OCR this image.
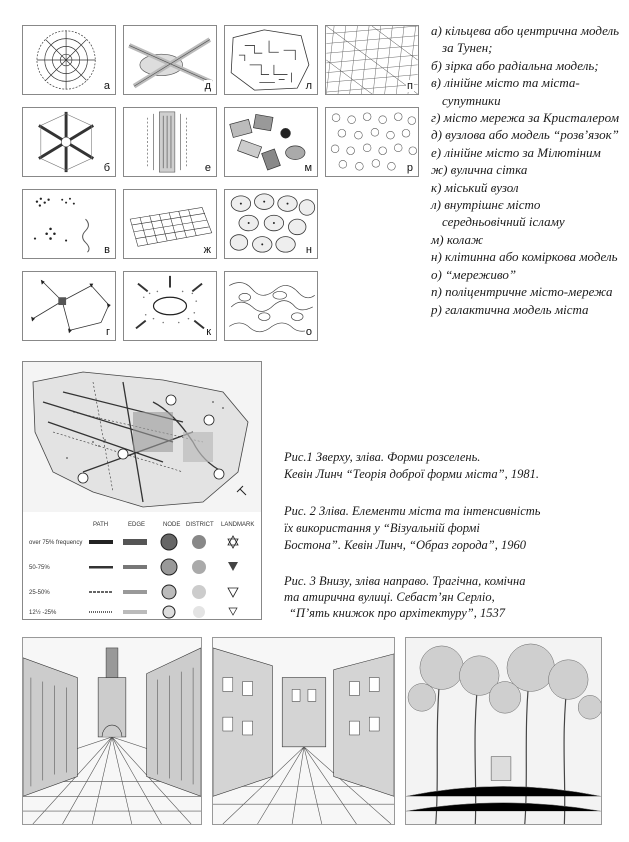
а	д	л	п
б	е	м	р
в	ж	н
г	к	о
а) кільцева або центрична модель за Тунен;
б) зірка або радіальна модель;
в) лінійне місто та міста-супутники
г) місто мережа за Кристалером
д) вузлова або модель “розв’язок”
е) лінійне місто за Мілютіним
ж) вулична сітка
к) міський вузол
л) внутрішнє місто середньовічний ісламу
м) колаж
н) клітинна або коміркова модель
о) “мереживо”
п) поліцентричне місто-мережа
р) галактична модель міста
PATH	EDGE	NODE DISTRICT LANDMARK
over 75% frequency
50-75%
25-50%
12½ -25%
Рис.1 Зверху, зліва. Форми розселень.
Кевін Линч “Теорія доброї форми міста”, 1981.
Рис. 2 Зліва. Елементи міста та інтенсивність
їх використання у “Візуальній формі
Бостона”. Кевін Линч, “Образ города”, 1960
Рис. 3 Внизу, зліва направо. Трагічна, комічна
та атирична вулиці. Себаст’ян Серліо,
“П’ять книжок про архітектуру”, 1537
